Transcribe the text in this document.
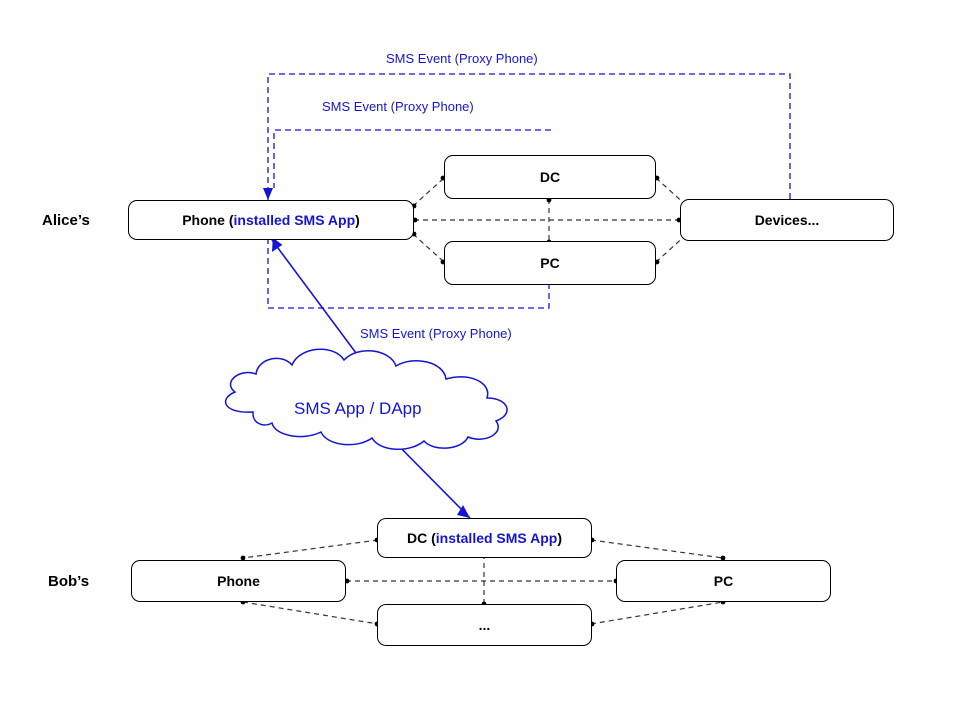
Alice’s
Bob’s
Phone ( installed SMS App )
DC
PC
Devices...
SMS Event (Proxy Phone)
SMS Event (Proxy Phone)
SMS Event (Proxy Phone)
SMS App / DApp
DC ( installed SMS App )
Phone	PC
...
